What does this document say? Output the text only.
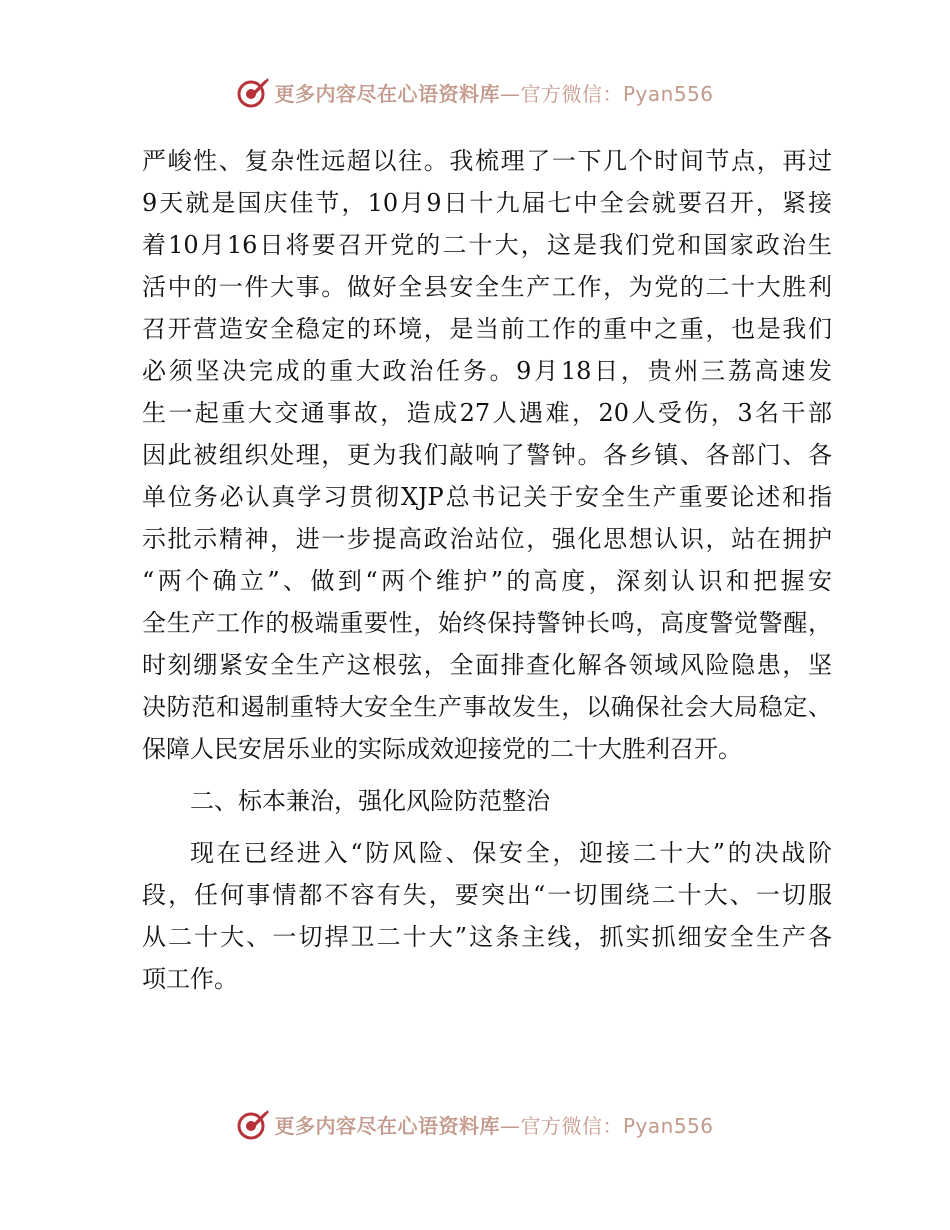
更多内容尽在心语资料库—官方微信：Pyan556
严峻性、复杂性远超以往。我梳理了一下几个时间节点，再过
9天就是国庆佳节，10月9日十九届七中全会就要召开，紧接
着10月16日将要召开党的二十大，这是我们党和国家政治生
活中的一件大事。做好全县安全生产工作，为党的二十大胜利
召开营造安全稳定的环境，是当前工作的重中之重，也是我们
必须坚决完成的重大政治任务。9月18日，贵州三荔高速发
生一起重大交通事故，造成27人遇难，20人受伤，3名干部
因此被组织处理，更为我们敲响了警钟。各乡镇、各部门、各
单位务必认真学习贯彻XJP总书记关于安全生产重要论述和指
示批示精神，进一步提高政治站位，强化思想认识，站在拥护
“两个确立”、做到“两个维护”的高度，深刻认识和把握安
全生产工作的极端重要性，始终保持警钟长鸣，高度警觉警醒，
时刻绷紧安全生产这根弦，全面排查化解各领域风险隐患，坚
决防范和遏制重特大安全生产事故发生，以确保社会大局稳定、
保障人民安居乐业的实际成效迎接党的二十大胜利召开。
二、标本兼治，强化风险防范整治
现在已经进入“防风险、保安全，迎接二十大”的决战阶
段，任何事情都不容有失，要突出“一切围绕二十大、一切服
从二十大、一切捍卫二十大”这条主线，抓实抓细安全生产各
项工作。
更多内容尽在心语资料库—官方微信：Pyan556
